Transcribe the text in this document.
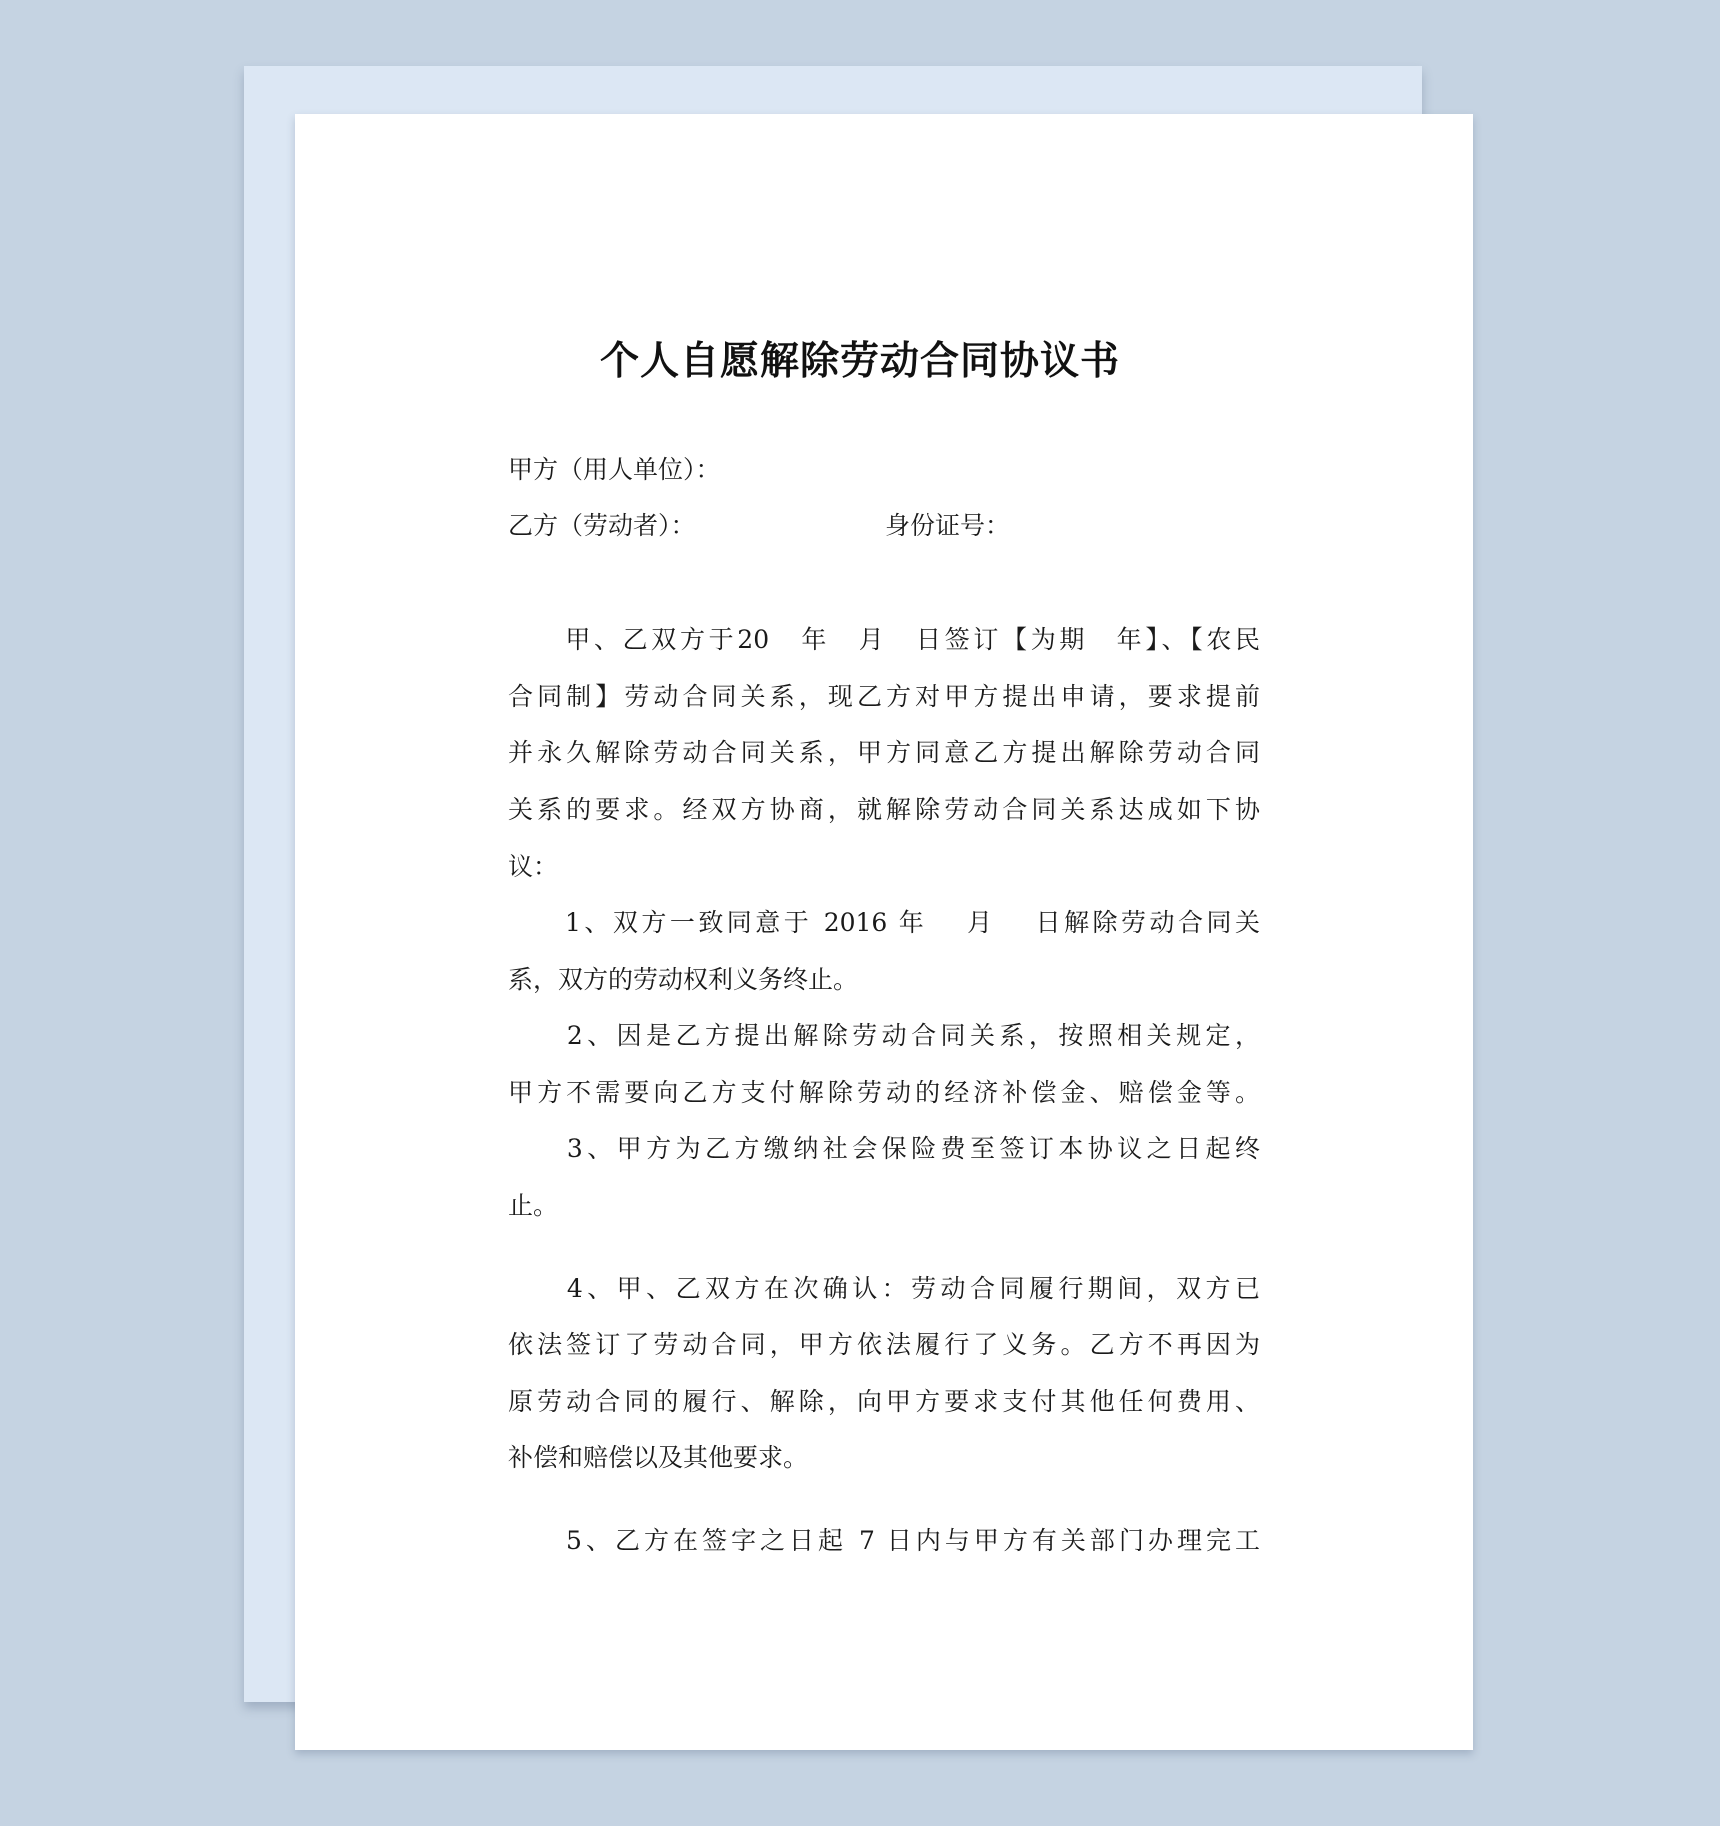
个人自愿解除劳动合同协议书
甲方（用人单位）：
乙方（劳动者）：	身份证号：
　　甲、乙双方于20　年　月　日签订【为期　年】、【农民
合同制】劳动合同关系，现乙方对甲方提出申请，要求提前
并永久解除劳动合同关系，甲方同意乙方提出解除劳动合同
关系的要求。经双方协商，就解除劳动合同关系达成如下协
议：
　　1、双方一致同意于 2016 年　 月　 日解除劳动合同关
系，双方的劳动权利义务终止。
　　2、因是乙方提出解除劳动合同关系，按照相关规定，
甲方不需要向乙方支付解除劳动的经济补偿金、赔偿金等。
　　3、甲方为乙方缴纳社会保险费至签订本协议之日起终
止。
　　4、甲、乙双方在次确认：劳动合同履行期间，双方已
依法签订了劳动合同，甲方依法履行了义务。乙方不再因为
原劳动合同的履行、解除，向甲方要求支付其他任何费用、
补偿和赔偿以及其他要求。
　　5、乙方在签字之日起 7 日内与甲方有关部门办理完工
